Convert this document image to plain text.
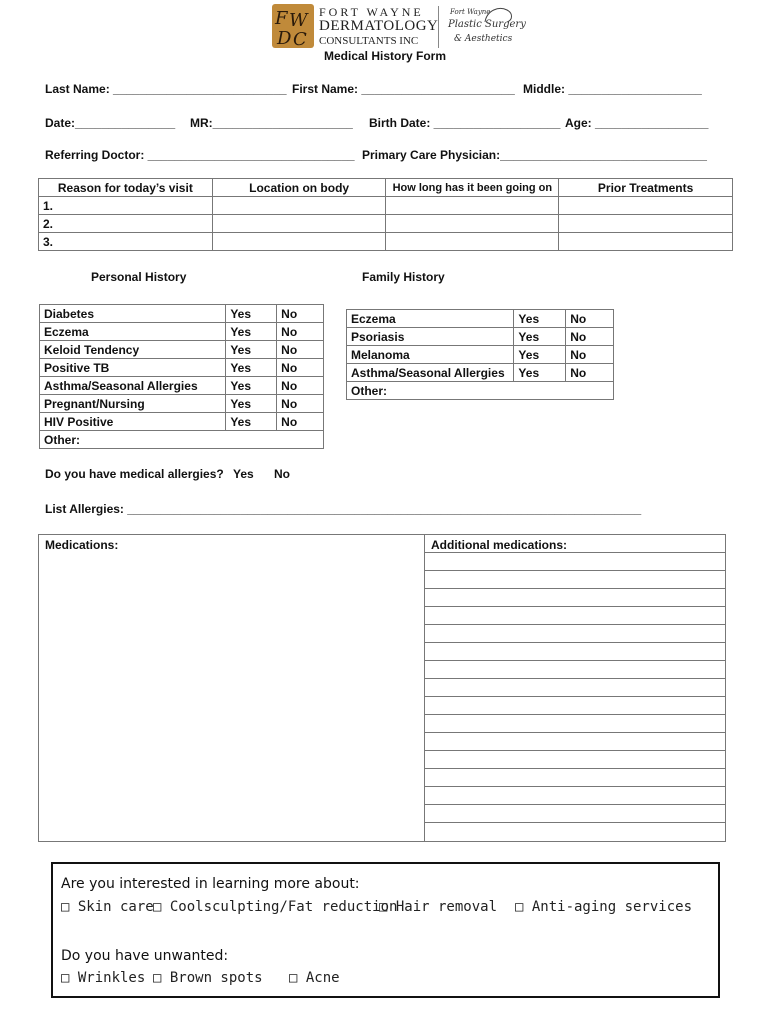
F W
D C
FORT WAYNE
DERMATOLOGY
CONSULTANTS INC
Fort Wayne
Plastic Surgery
& Aesthetics
Medical History Form
Last Name: __________________________ First Name: _______________________ Middle: ____________________
Date:_______________ MR:_____________________ Birth Date: ___________________ Age: _________________
Referring Doctor: _______________________________ Primary Care Physician:_______________________________
Reason for today’s visit	Location on body	How long has it been going on	Prior Treatments
1.			
2.			
3.			
Personal History	Family History
Diabetes	Yes	No
Eczema	Yes	No
Keloid Tendency	Yes	No
Positive TB	Yes	No
Asthma/Seasonal Allergies	Yes	No
Pregnant/Nursing	Yes	No
HIV Positive	Yes	No
Other:		
Eczema	Yes	No
Psoriasis	Yes	No
Melanoma	Yes	No
Asthma/Seasonal Allergies	Yes	No
Other:		
Do you have medical allergies? Yes No
List Allergies: _____________________________________________________________________________
Medications:	Additional medications:
Are you interested in learning more about:
□ Skin care □ Coolsculpting/Fat reduction
□ Hair removal □ Anti-aging services
Do you have unwanted:
□ Wrinkles □ Brown spots □ Acne
